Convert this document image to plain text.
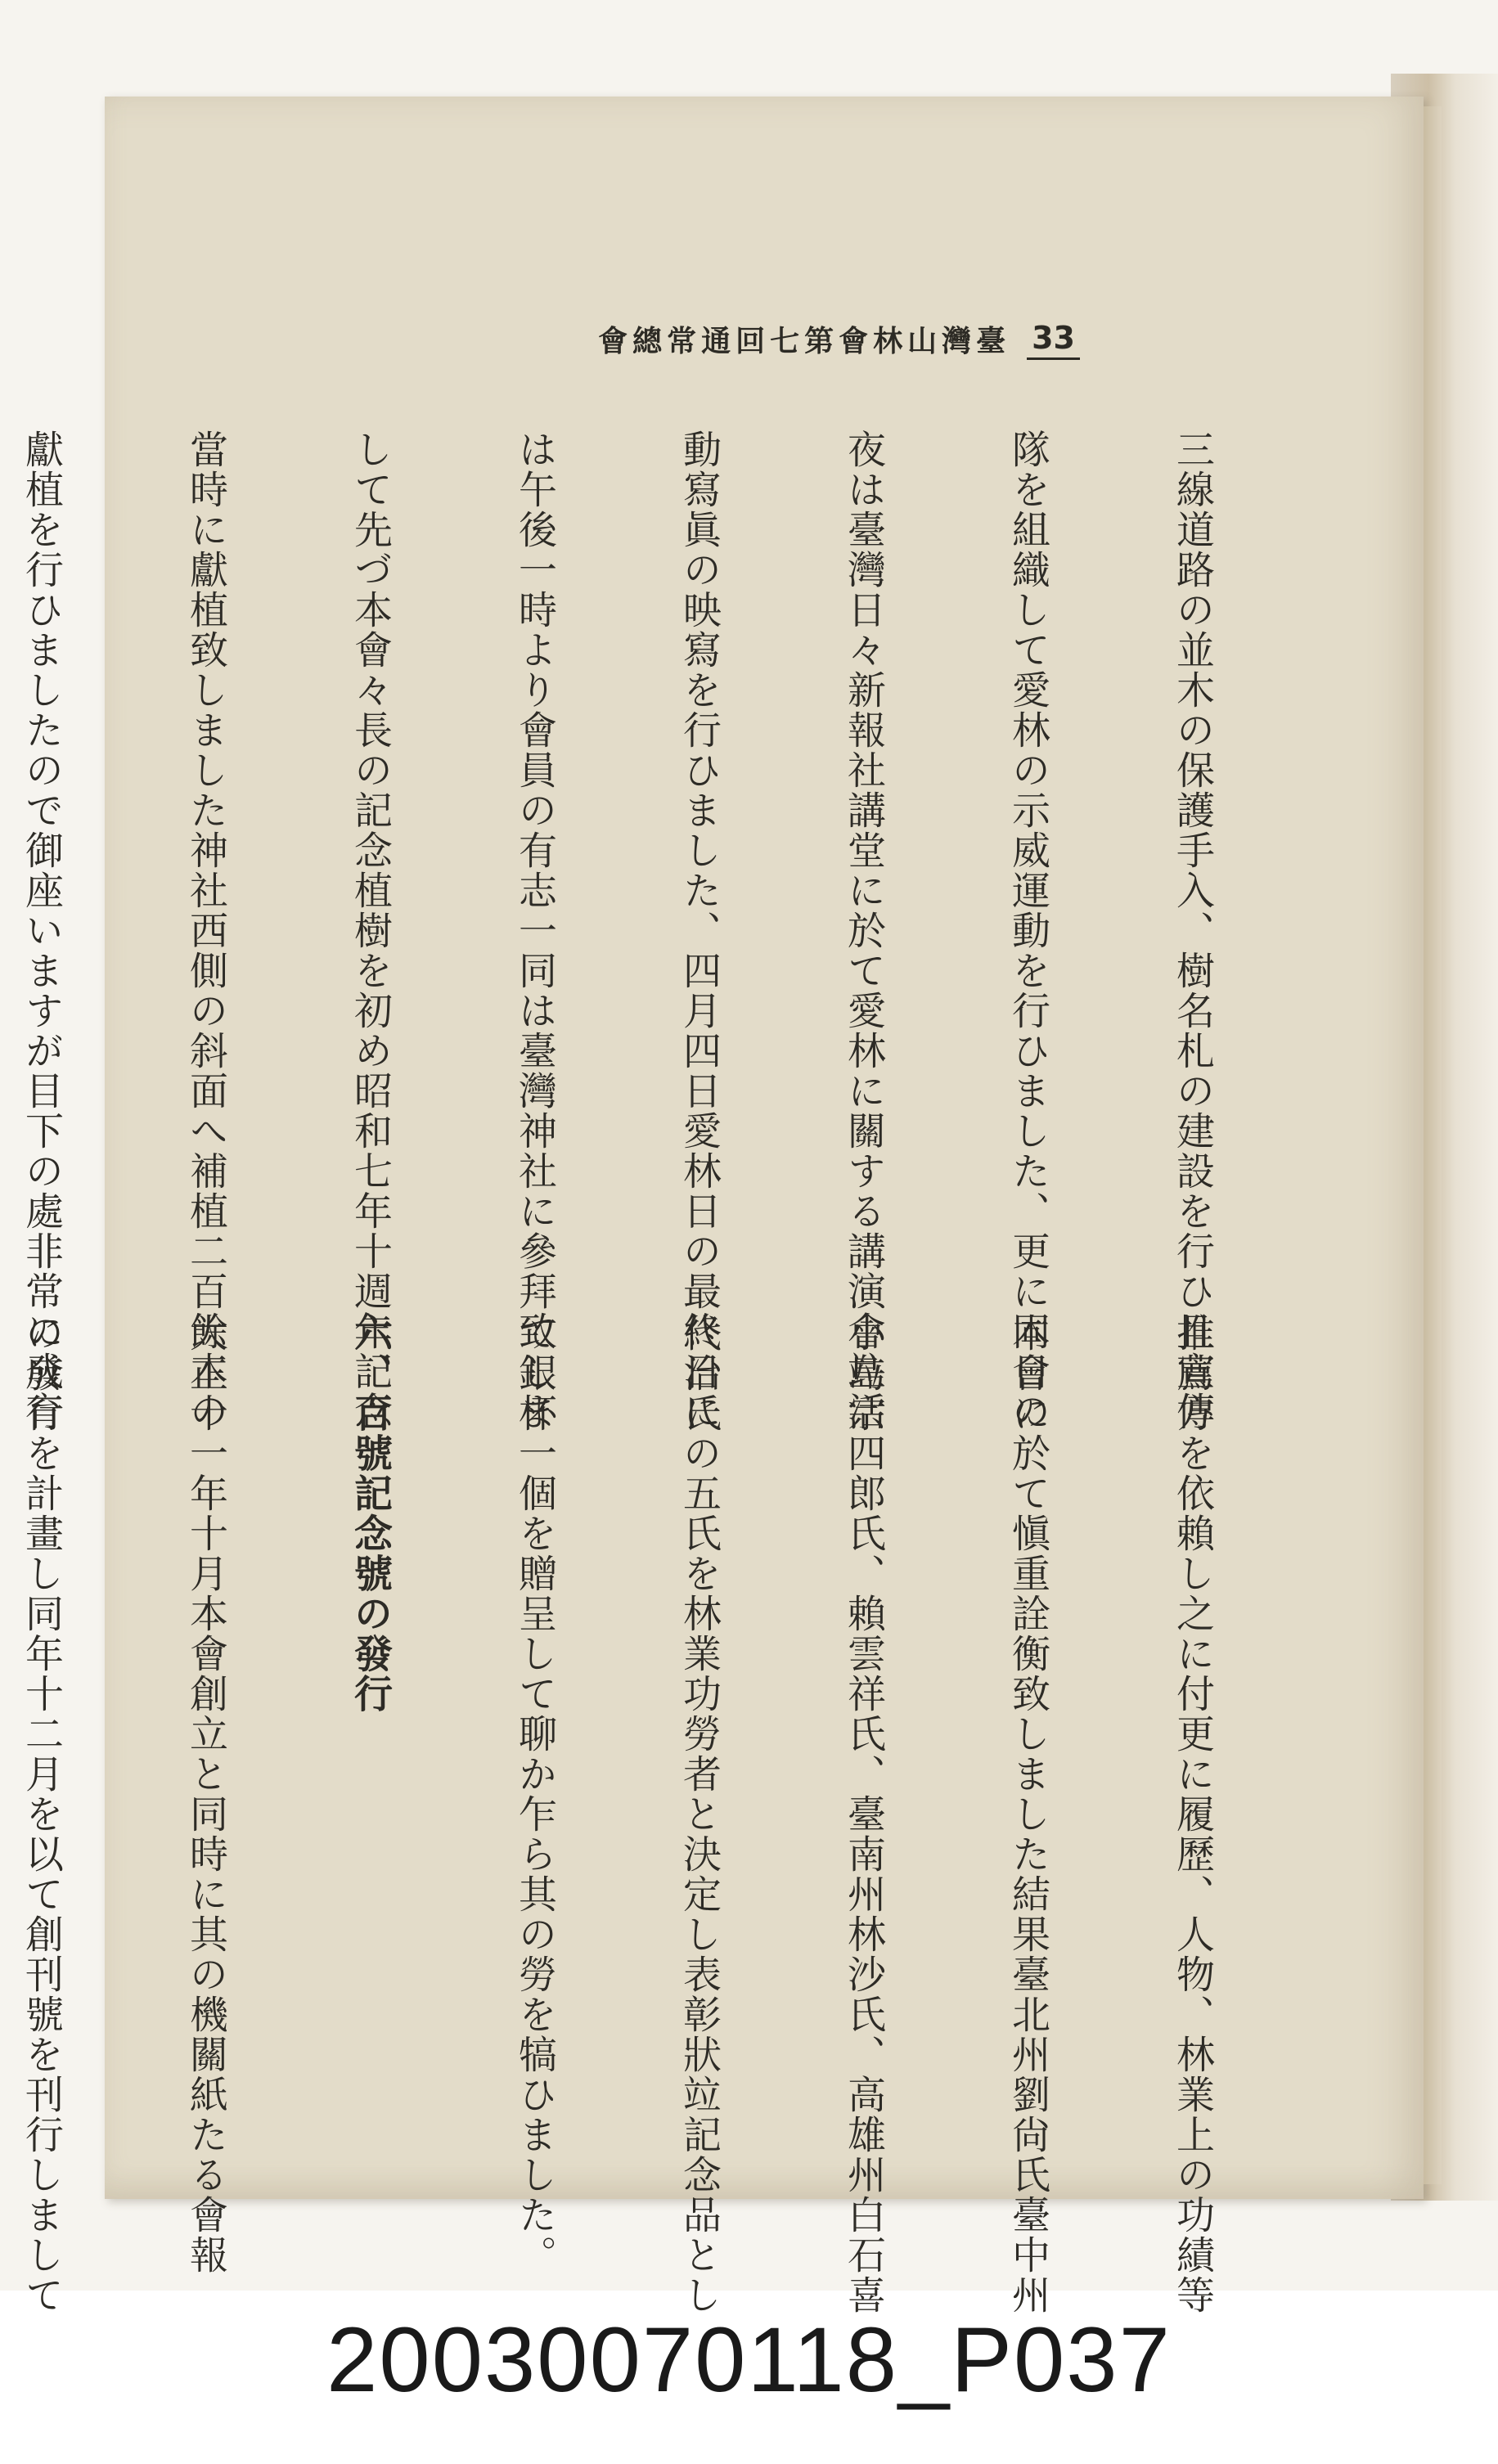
33
臺灣山林會第七回通常總會

三線道路の並木の保護手入、樹名札の建設を行ひ且宣傳

隊を組織して愛林の示威運動を行ひました、更に同日の

夜は臺灣日々新報社講堂に於て愛林に關する講演會竝活

動寫眞の映寫を行ひました、四月四日愛林日の最終日に

は午後一時より會員の有志一同は臺灣神社に參拜致しま

して先づ本會々長の記念植樹を初め昭和七年十週年記念

當時に獻植致しました神社西側の斜面へ補植二百餘本の

獻植を行ひましたので御座いますが目下の處非常に成育

推薦方を依賴し之に付更に履歷、人物、林業上の功績等

本會に於て愼重詮衡致しました結果臺北州劉尙氏臺中州

小島宗四郎氏、賴雲祥氏、臺南州林沙氏、高雄州白石喜

代治氏の五氏を林業功勞者と決定し表彰狀竝記念品とし

て銀杯一個を贈呈して聊か乍ら其の勞を犒ひました。

六、百號記念號の發行

大正十一年十月本會創立と同時に其の機關紙たる會報

の發行を計畫し同年十二月を以て創刊號を刊行しまして

20030070118_P037
